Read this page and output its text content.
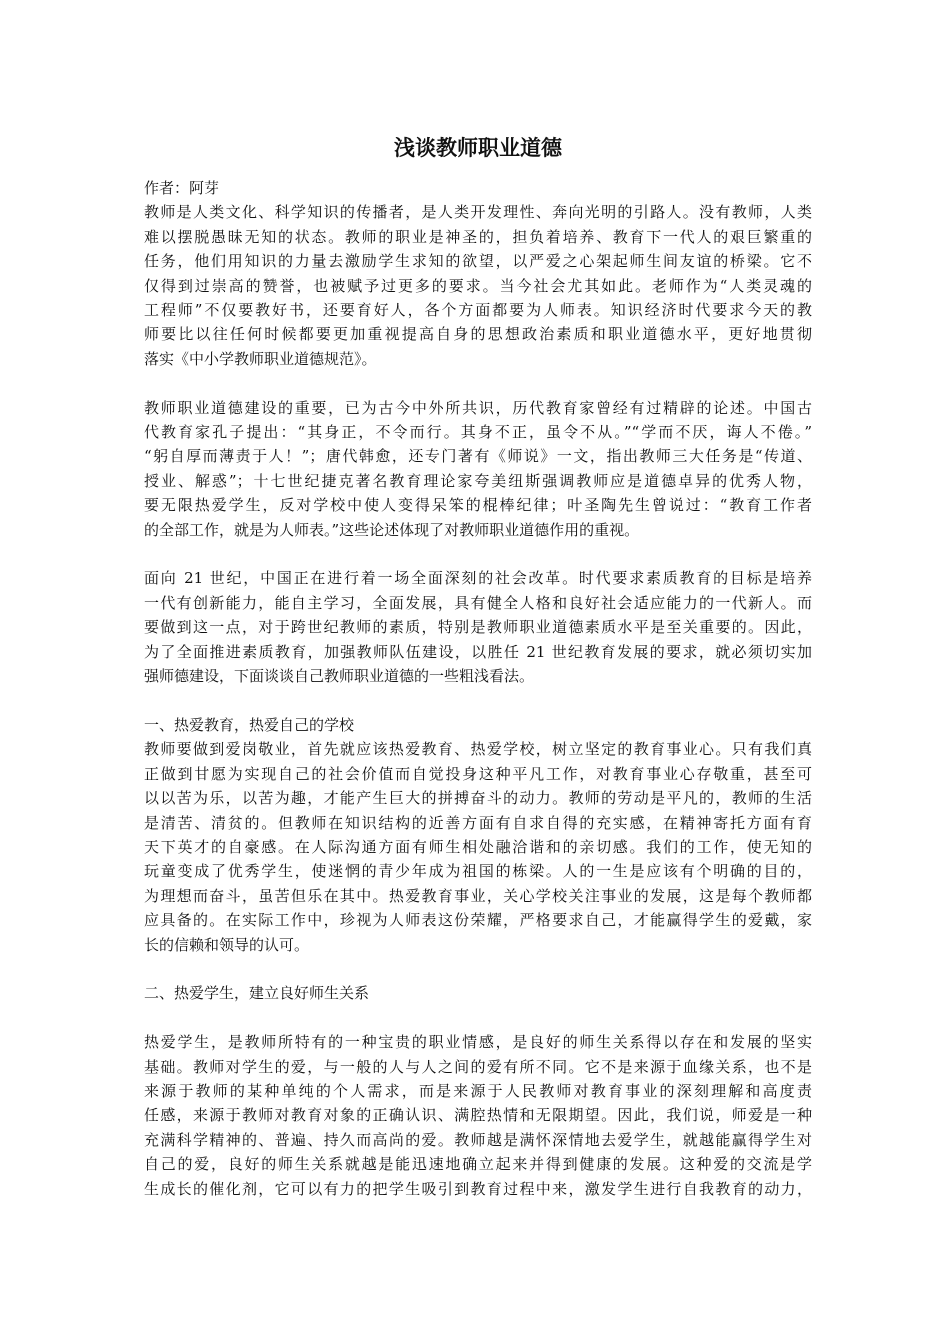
浅谈教师职业道德

作者：阿芽

教师是人类文化、科学知识的传播者，是人类开发理性、奔向光明的引路人。没有教师，人类

难以摆脱愚昧无知的状态。教师的职业是神圣的，担负着培养、教育下一代人的艰巨繁重的

任务，他们用知识的力量去激励学生求知的欲望，以严爱之心架起师生间友谊的桥梁。它不

仅得到过崇高的赞誉，也被赋予过更多的要求。当今社会尤其如此。老师作为“人类灵魂的

工程师”不仅要教好书，还要育好人，各个方面都要为人师表。知识经济时代要求今天的教

师要比以往任何时候都要更加重视提高自身的思想政治素质和职业道德水平，更好地贯彻

落实《中小学教师职业道德规范》。

教师职业道德建设的重要，已为古今中外所共识，历代教育家曾经有过精辟的论述。中国古

代教育家孔子提出：“其身正，不令而行。其身不正，虽令不从。”“学而不厌，诲人不倦。”

“躬自厚而薄责于人！”；唐代韩愈，还专门著有《师说》一文，指出教师三大任务是“传道、

授业、解惑”；十七世纪捷克著名教育理论家夸美纽斯强调教师应是道德卓异的优秀人物，

要无限热爱学生，反对学校中使人变得呆笨的棍棒纪律；叶圣陶先生曾说过：“教育工作者

的全部工作，就是为人师表。”这些论述体现了对教师职业道德作用的重视。

面向 21 世纪，中国正在进行着一场全面深刻的社会改革。时代要求素质教育的目标是培养

一代有创新能力，能自主学习，全面发展，具有健全人格和良好社会适应能力的一代新人。而

要做到这一点，对于跨世纪教师的素质，特别是教师职业道德素质水平是至关重要的。因此，

为了全面推进素质教育，加强教师队伍建设，以胜任 21 世纪教育发展的要求，就必须切实加

强师德建设，下面谈谈自己教师职业道德的一些粗浅看法。

一、热爱教育，热爱自己的学校

教师要做到爱岗敬业，首先就应该热爱教育、热爱学校，树立坚定的教育事业心。只有我们真

正做到甘愿为实现自己的社会价值而自觉投身这种平凡工作，对教育事业心存敬重，甚至可

以以苦为乐，以苦为趣，才能产生巨大的拼搏奋斗的动力。教师的劳动是平凡的，教师的生活

是清苦、清贫的。但教师在知识结构的近善方面有自求自得的充实感，在精神寄托方面有育

天下英才的自豪感。在人际沟通方面有师生相处融洽谐和的亲切感。我们的工作，使无知的

玩童变成了优秀学生，使迷惘的青少年成为祖国的栋梁。人的一生是应该有个明确的目的，

为理想而奋斗，虽苦但乐在其中。热爱教育事业，关心学校关注事业的发展，这是每个教师都

应具备的。在实际工作中，珍视为人师表这份荣耀，严格要求自己，才能赢得学生的爱戴，家

长的信赖和领导的认可。

二、热爱学生，建立良好师生关系

热爱学生，是教师所特有的一种宝贵的职业情感，是良好的师生关系得以存在和发展的坚实

基础。教师对学生的爱，与一般的人与人之间的爱有所不同。它不是来源于血缘关系，也不是

来源于教师的某种单纯的个人需求，而是来源于人民教师对教育事业的深刻理解和高度责

任感，来源于教师对教育对象的正确认识、满腔热情和无限期望。因此，我们说，师爱是一种

充满科学精神的、普遍、持久而高尚的爱。教师越是满怀深情地去爱学生，就越能赢得学生对

自己的爱，良好的师生关系就越是能迅速地确立起来并得到健康的发展。这种爱的交流是学

生成长的催化剂，它可以有力的把学生吸引到教育过程中来，激发学生进行自我教育的动力，
